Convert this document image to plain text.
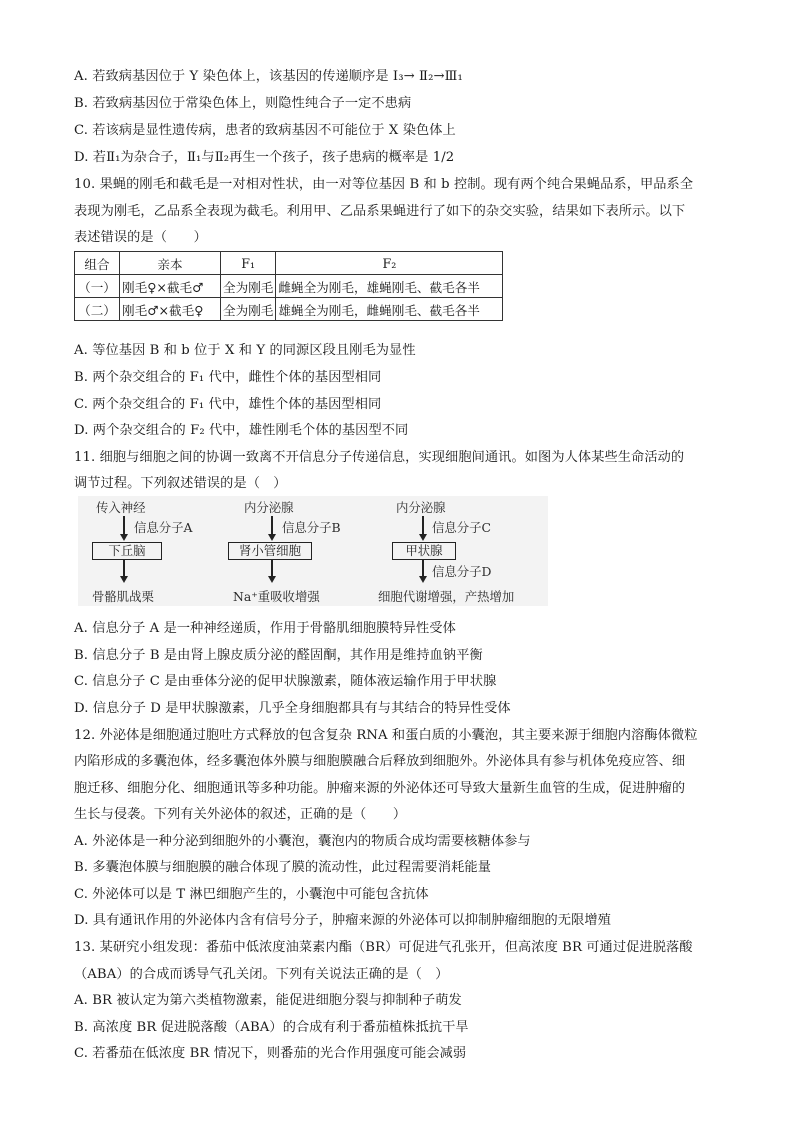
A. 若致病基因位于 Y 染色体上，该基因的传递顺序是 I₃→ Ⅱ₂→Ⅲ₁
B. 若致病基因位于常染色体上，则隐性纯合子一定不患病
C. 若该病是显性遗传病，患者的致病基因不可能位于 X 染色体上
D. 若Ⅱ₁为杂合子，Ⅱ₁与Ⅱ₂再生一个孩子，孩子患病的概率是 1/2
10. 果蝇的刚毛和截毛是一对相对性状，由一对等位基因 B 和 b 控制。现有两个纯合果蝇品系，甲品系全
表现为刚毛，乙品系全表现为截毛。利用甲、乙品系果蝇进行了如下的杂交实验，结果如下表所示。以下
表述错误的是（　　）
组合	亲本	F₁	F₂
（一）	刚毛♀×截毛♂	全为刚毛	雌蝇全为刚毛，雄蝇刚毛、截毛各半
（二）	刚毛♂×截毛♀	全为刚毛	雄蝇全为刚毛，雌蝇刚毛、截毛各半
A. 等位基因 B 和 b 位于 X 和 Y 的同源区段且刚毛为显性
B. 两个杂交组合的 F₁ 代中，雌性个体的基因型相同
C. 两个杂交组合的 F₁ 代中，雄性个体的基因型相同
D. 两个杂交组合的 F₂ 代中，雄性刚毛个体的基因型不同
11. 细胞与细胞之间的协调一致离不开信息分子传递信息，实现细胞间通讯。如图为人体某些生命活动的
调节过程。下列叙述错误的是（　）
传入神经
信息分子A
下丘脑
骨骼肌战栗
内分泌腺
信息分子B
肾小管细胞
Na⁺重吸收增强
内分泌腺
信息分子C
甲状腺
信息分子D
细胞代谢增强，产热增加
A. 信息分子 A 是一种神经递质，作用于骨骼肌细胞膜特异性受体
B. 信息分子 B 是由肾上腺皮质分泌的醛固酮，其作用是维持血钠平衡
C. 信息分子 C 是由垂体分泌的促甲状腺激素，随体液运输作用于甲状腺
D. 信息分子 D 是甲状腺激素，几乎全身细胞都具有与其结合的特异性受体
12. 外泌体是细胞通过胞吐方式释放的包含复杂 RNA 和蛋白质的小囊泡，其主要来源于细胞内溶酶体微粒
内陷形成的多囊泡体，经多囊泡体外膜与细胞膜融合后释放到细胞外。外泌体具有参与机体免疫应答、细
胞迁移、细胞分化、细胞通讯等多种功能。肿瘤来源的外泌体还可导致大量新生血管的生成，促进肿瘤的
生长与侵袭。下列有关外泌体的叙述，正确的是（　　）
A. 外泌体是一种分泌到细胞外的小囊泡，囊泡内的物质合成均需要核糖体参与
B. 多囊泡体膜与细胞膜的融合体现了膜的流动性，此过程需要消耗能量
C. 外泌体可以是 T 淋巴细胞产生的，小囊泡中可能包含抗体
D. 具有通讯作用的外泌体内含有信号分子，肿瘤来源的外泌体可以抑制肿瘤细胞的无限增殖
13. 某研究小组发现：番茄中低浓度油菜素内酯（BR）可促进气孔张开，但高浓度 BR 可通过促进脱落酸
（ABA）的合成而诱导气孔关闭。下列有关说法正确的是（　）
A. BR 被认定为第六类植物激素，能促进细胞分裂与抑制种子萌发
B. 高浓度 BR 促进脱落酸（ABA）的合成有利于番茄植株抵抗干旱
C. 若番茄在低浓度 BR 情况下，则番茄的光合作用强度可能会减弱
